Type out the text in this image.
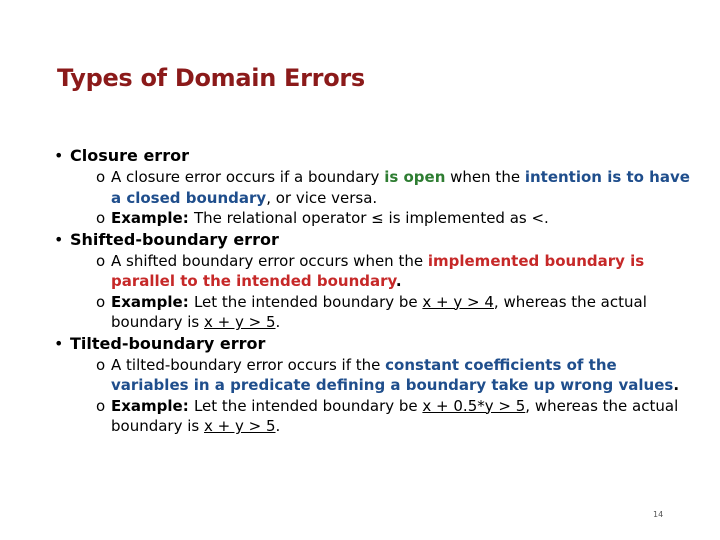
Types of Domain Errors
• Closure error
o A closure error occurs if a boundary is open when the intention is to have a closed boundary, or vice versa.
o Example: The relational operator ≤ is implemented as <.
• Shifted-boundary error
o A shifted boundary error occurs when the implemented boundary is parallel to the intended boundary.
o Example: Let the intended boundary be x + y > 4, whereas the actual boundary is x + y > 5.
• Tilted-boundary error
o A tilted-boundary error occurs if the constant coefficients of the variables in a predicate defining a boundary take up wrong values.
o Example: Let the intended boundary be x + 0.5*y > 5, whereas the actual boundary is x + y > 5.
14
